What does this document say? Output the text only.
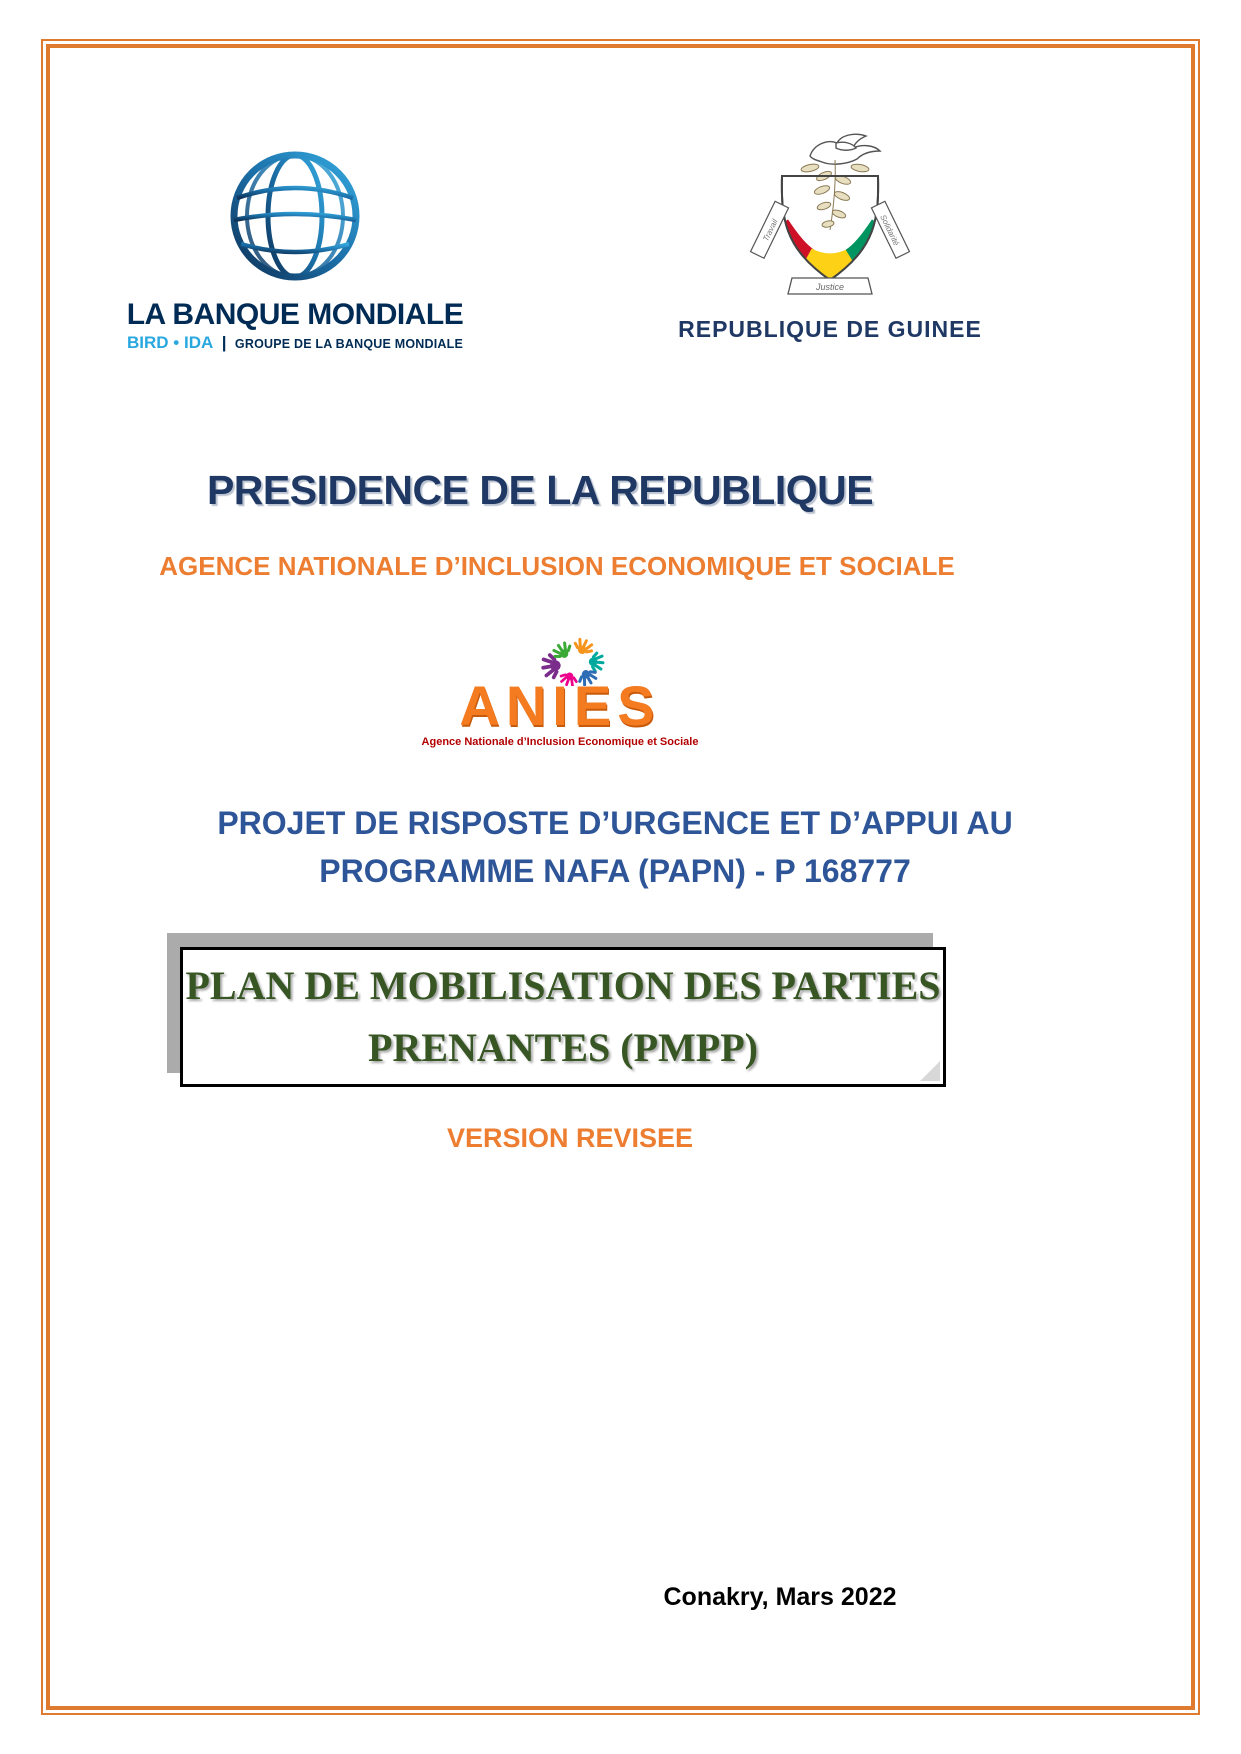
LA BANQUE MONDIALE
BIRD • IDA | GROUPE DE LA BANQUE MONDIALE
Travail	Solidarité
Justice
REPUBLIQUE DE GUINEE
PRESIDENCE DE LA REPUBLIQUE
AGENCE NATIONALE D’INCLUSION ECONOMIQUE ET SOCIALE
ANIES
Agence Nationale d’Inclusion Economique et Sociale
PROJET DE RISPOSTE D’URGENCE ET D’APPUI AU
PROGRAMME NAFA (PAPN) - P 168777
PLAN DE MOBILISATION DES PARTIES
PRENANTES (PMPP)
VERSION REVISEE
Conakry, Mars 2022
